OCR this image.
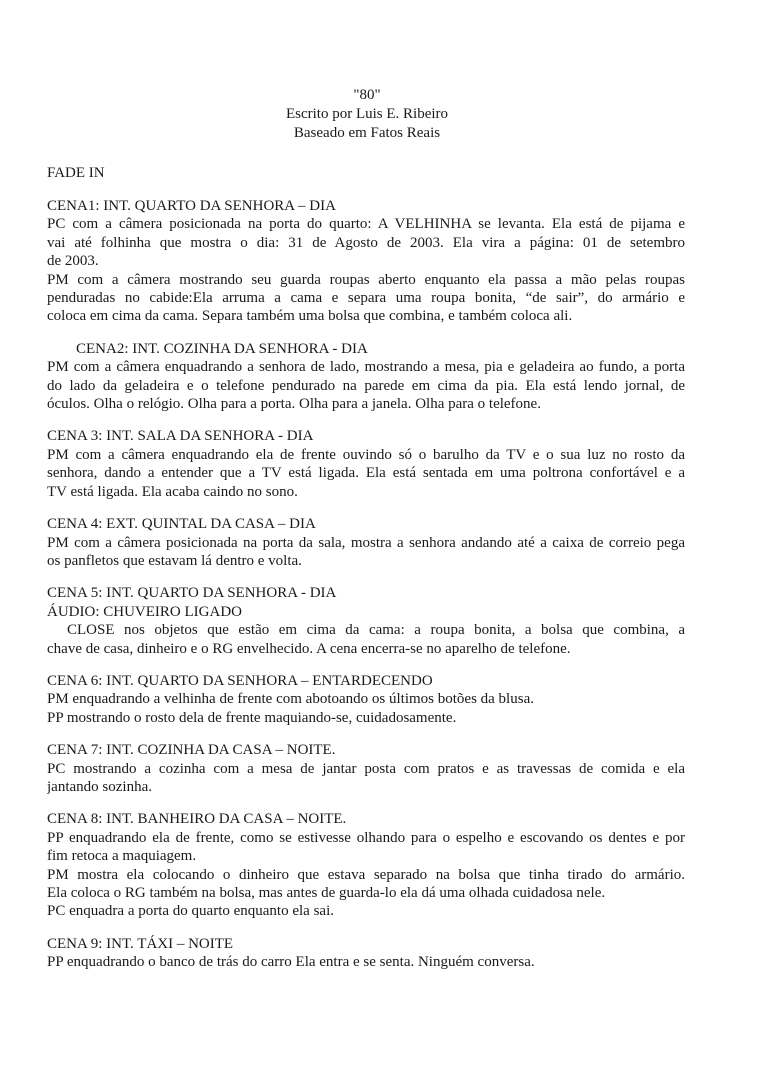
"80"
Escrito por Luis E. Ribeiro
Baseado em Fatos Reais
FADE IN
CENA1: INT. QUARTO DA SENHORA – DIA
PC com a câmera posicionada na porta do quarto: A VELHINHA se levanta. Ela está de pijama e
vai até folhinha que mostra o dia: 31 de Agosto de 2003. Ela vira a página: 01 de setembro
de 2003.
PM com a câmera mostrando seu guarda roupas aberto enquanto ela passa a mão pelas roupas
penduradas no cabide:Ela arruma a cama e separa uma roupa bonita, “de sair”, do armário e
coloca em cima da cama. Separa também uma bolsa que combina, e também coloca ali.
CENA2: INT. COZINHA DA SENHORA - DIA
PM com a câmera enquadrando a senhora de lado, mostrando a mesa, pia e geladeira ao fundo, a porta
do lado da geladeira e o telefone pendurado na parede em cima da pia. Ela está lendo jornal, de
óculos. Olha o relógio. Olha para a porta. Olha para a janela. Olha para o telefone.
CENA 3: INT. SALA DA SENHORA - DIA
PM com a câmera enquadrando ela de frente ouvindo só o barulho da TV e o sua luz no rosto da
senhora, dando a entender que a TV está ligada. Ela está sentada em uma poltrona confortável e a
TV está ligada. Ela acaba caindo no sono.
CENA 4: EXT. QUINTAL DA CASA – DIA
PM com a câmera posicionada na porta da sala, mostra a senhora andando até a caixa de correio pega
os panfletos que estavam lá dentro e volta.
CENA 5: INT. QUARTO DA SENHORA - DIA
ÁUDIO: CHUVEIRO LIGADO
CLOSE nos objetos que estão em cima da cama: a roupa bonita, a bolsa que combina, a
chave de casa, dinheiro e o RG envelhecido. A cena encerra-se no aparelho de telefone.
CENA 6: INT. QUARTO DA SENHORA – ENTARDECENDO
PM enquadrando a velhinha de frente com abotoando os últimos botões da blusa.
PP mostrando o rosto dela de frente maquiando-se, cuidadosamente.
CENA 7: INT. COZINHA DA CASA – NOITE.
PC mostrando a cozinha com a mesa de jantar posta com pratos e as travessas de comida e ela
jantando sozinha.
CENA 8: INT. BANHEIRO DA CASA – NOITE.
PP enquadrando ela de frente, como se estivesse olhando para o espelho e escovando os dentes e por
fim retoca a maquiagem.
PM mostra ela colocando o dinheiro que estava separado na bolsa que tinha tirado do armário.
Ela coloca o RG também na bolsa, mas antes de guarda-lo ela dá uma olhada cuidadosa nele.
PC enquadra a porta do quarto enquanto ela sai.
CENA 9: INT. TÁXI – NOITE
PP enquadrando o banco de trás do carro Ela entra e se senta. Ninguém conversa.
